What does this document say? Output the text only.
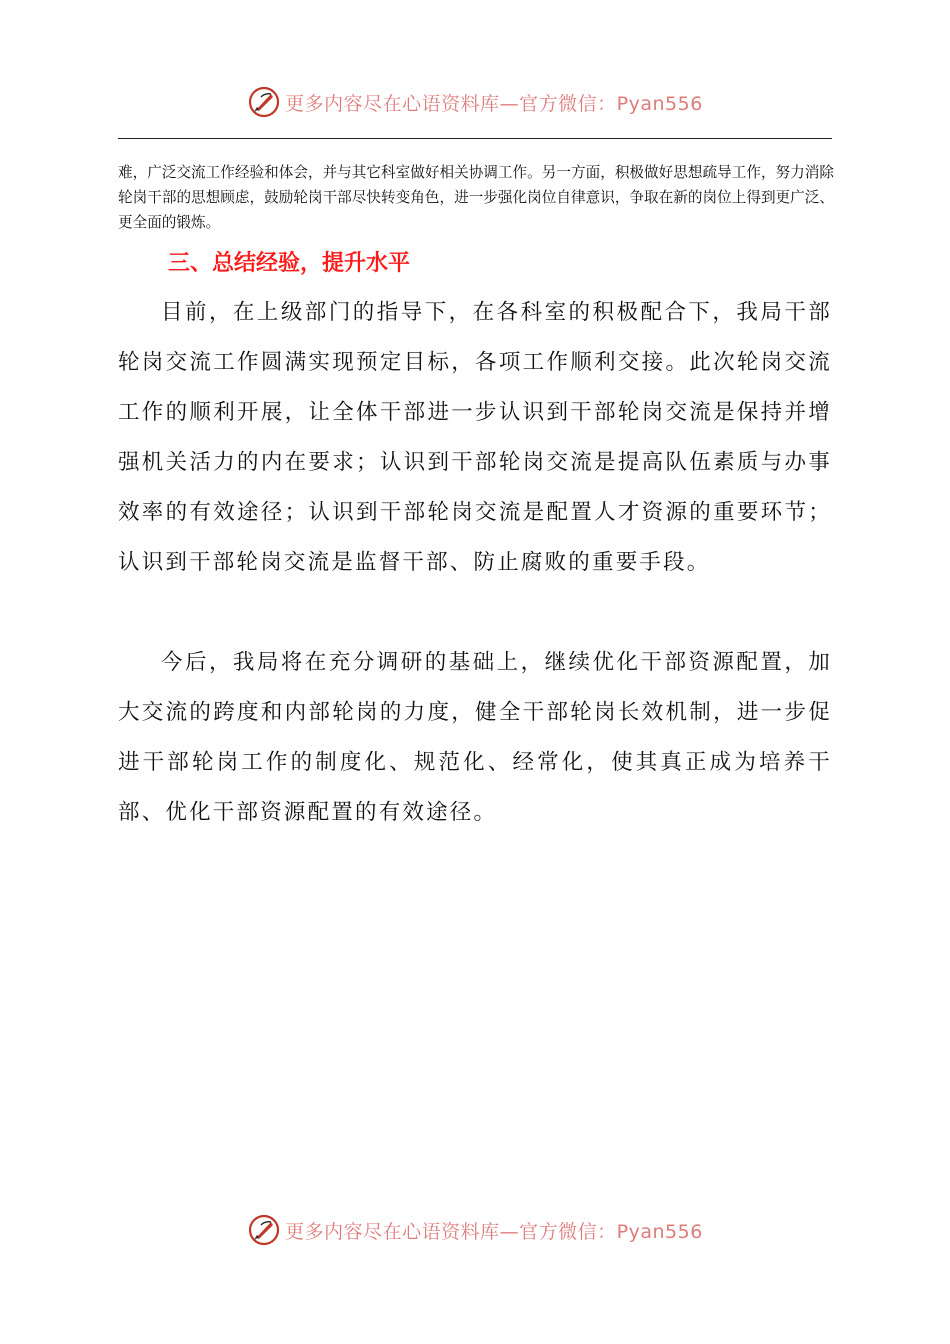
更多内容尽在心语资料库—官方微信：Pyan556

难，广泛交流工作经验和体会，并与其它科室做好相关协调工作。另一方面，积极做好思想疏导工作，努力消除轮岗干部的思想顾虑，鼓励轮岗干部尽快转变角色，进一步强化岗位自律意识，争取在新的岗位上得到更广泛、更全面的锻炼。

三、总结经验，提升水平

目前，在上级部门的指导下，在各科室的积极配合下，我局干部轮岗交流工作圆满实现预定目标，各项工作顺利交接。此次轮岗交流工作的顺利开展，让全体干部进一步认识到干部轮岗交流是保持并增强机关活力的内在要求；认识到干部轮岗交流是提高队伍素质与办事效率的有效途径；认识到干部轮岗交流是配置人才资源的重要环节；认识到干部轮岗交流是监督干部、防止腐败的重要手段。

今后，我局将在充分调研的基础上，继续优化干部资源配置，加大交流的跨度和内部轮岗的力度，健全干部轮岗长效机制，进一步促进干部轮岗工作的制度化、规范化、经常化，使其真正成为培养干部、优化干部资源配置的有效途径。

更多内容尽在心语资料库—官方微信：Pyan556
